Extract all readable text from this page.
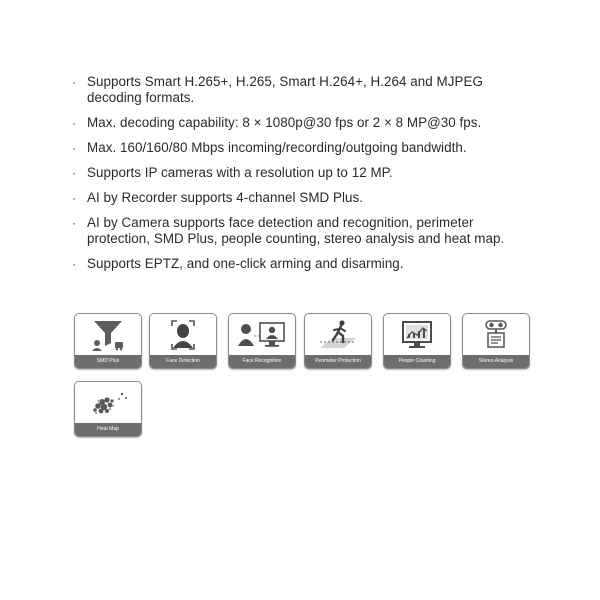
· Supports Smart H.265+, H.265, Smart H.264+, H.264 and MJPEG decoding formats.
· Max. decoding capability: 8 × 1080p@30 fps or 2 × 8 MP@30 fps.
· Max. 160/160/80 Mbps incoming/recording/outgoing bandwidth.
· Supports IP cameras with a resolution up to 12 MP.
· AI by Recorder supports 4-channel SMD Plus.
· AI by Camera supports face detection and recognition, perimeter protection, SMD Plus, people counting, stereo analysis and heat map.
· Supports EPTZ, and one-click arming and disarming.
SMD Plus	Face Detection	Face Recognition	Perimeter Protection	People Counting	Stereo Analysis
Heat Map
